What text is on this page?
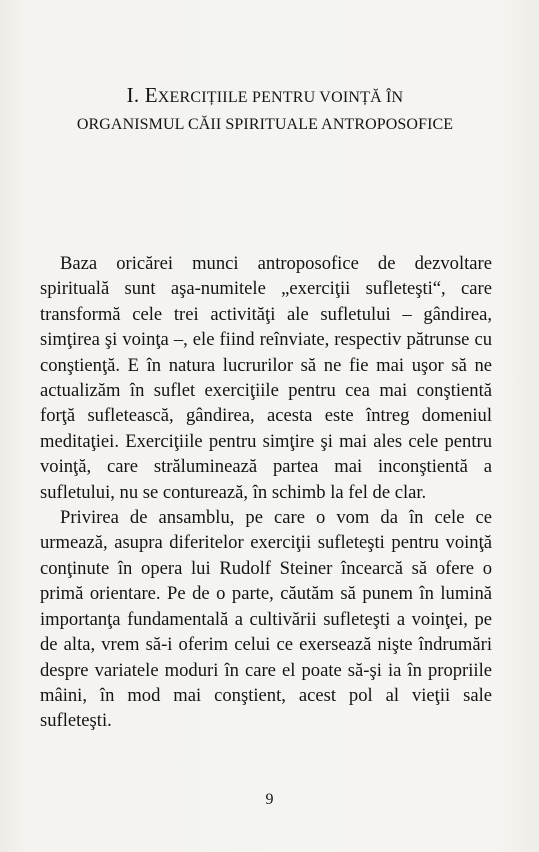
I. EXERCIȚIILE PENTRU VOINȚĂ ÎN
ORGANISMUL CĂII SPIRITUALE ANTROPOSOFICE

Baza oricărei munci antroposofice de dezvoltare spirituală sunt aşa-numitele „exerciţii sufleteşti“, care transformă cele trei activităţi ale sufletului – gândirea, simţirea şi voinţa –, ele fiind reînviate, respectiv pătrunse cu conştienţă. E în natura lucrurilor să ne fie mai uşor să ne actualizăm în suflet exerciţiile pentru cea mai conştientă forţă sufletească, gândirea, acesta este întreg domeniul meditaţiei. Exerciţiile pentru simţire şi mai ales cele pentru voinţă, care străluminează partea mai inconştientă a sufletului, nu se conturează, în schimb la fel de clar.

Privirea de ansamblu, pe care o vom da în cele ce urmează, asupra diferitelor exerciţii sufleteşti pentru voinţă conţinute în opera lui Rudolf Steiner încearcă să ofere o primă orientare. Pe de o parte, căutăm să punem în lumină importanţa fundamentală a cultivării sufleteşti a voinţei, pe de alta, vrem să-i oferim celui ce exersează nişte îndrumări despre variatele moduri în care el poate să-şi ia în propriile mâini, în mod mai conştient, acest pol al vieţii sale sufleteşti.

9
